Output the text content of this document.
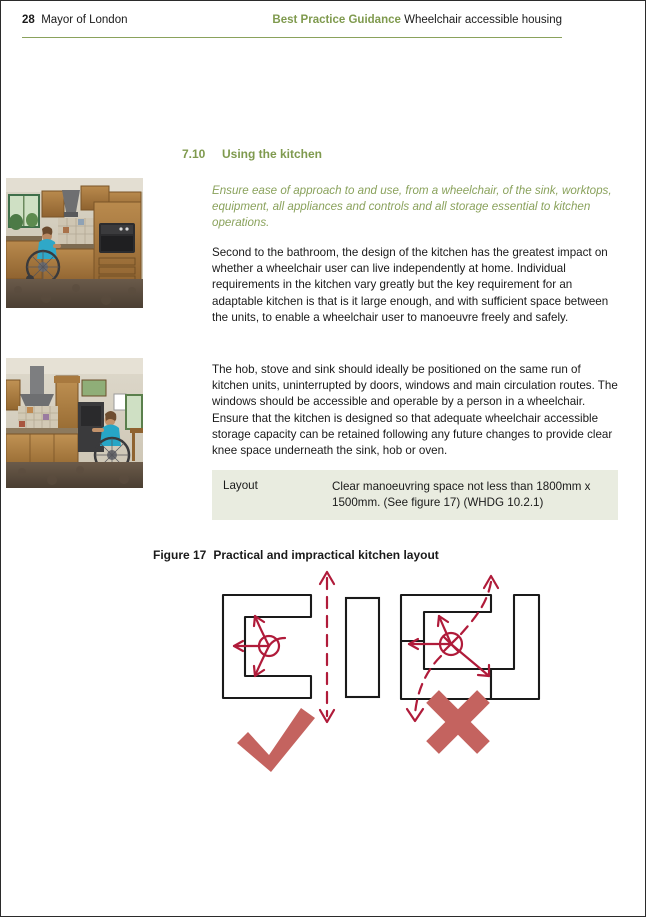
28 Mayor of London	Best Practice Guidance Wheelchair accessible housing
7.10 Using the kitchen
Ensure ease of approach to and use, from a wheelchair, of the sink, worktops, equipment, all appliances and controls and all storage essential to kitchen operations.
Second to the bathroom, the design of the kitchen has the greatest impact on whether a wheelchair user can live independently at home. Individual requirements in the kitchen vary greatly but the key requirement for an adaptable kitchen is that is it large enough, and with sufficient space between the units, to enable a wheelchair user to manoeuvre freely and safely.
The hob, stove and sink should ideally be positioned on the same run of kitchen units, uninterrupted by doors, windows and main circulation routes. The windows should be accessible and operable by a person in a wheelchair. Ensure that the kitchen is designed so that adequate wheelchair accessible storage capacity can be retained following any future changes to provide clear knee space underneath the sink, hob or oven.
Layout	Clear manoeuvring space not less than 1800mm x 1500mm. (See figure 17) (WHDG 10.2.1)
Figure 17 Practical and impractical kitchen layout
